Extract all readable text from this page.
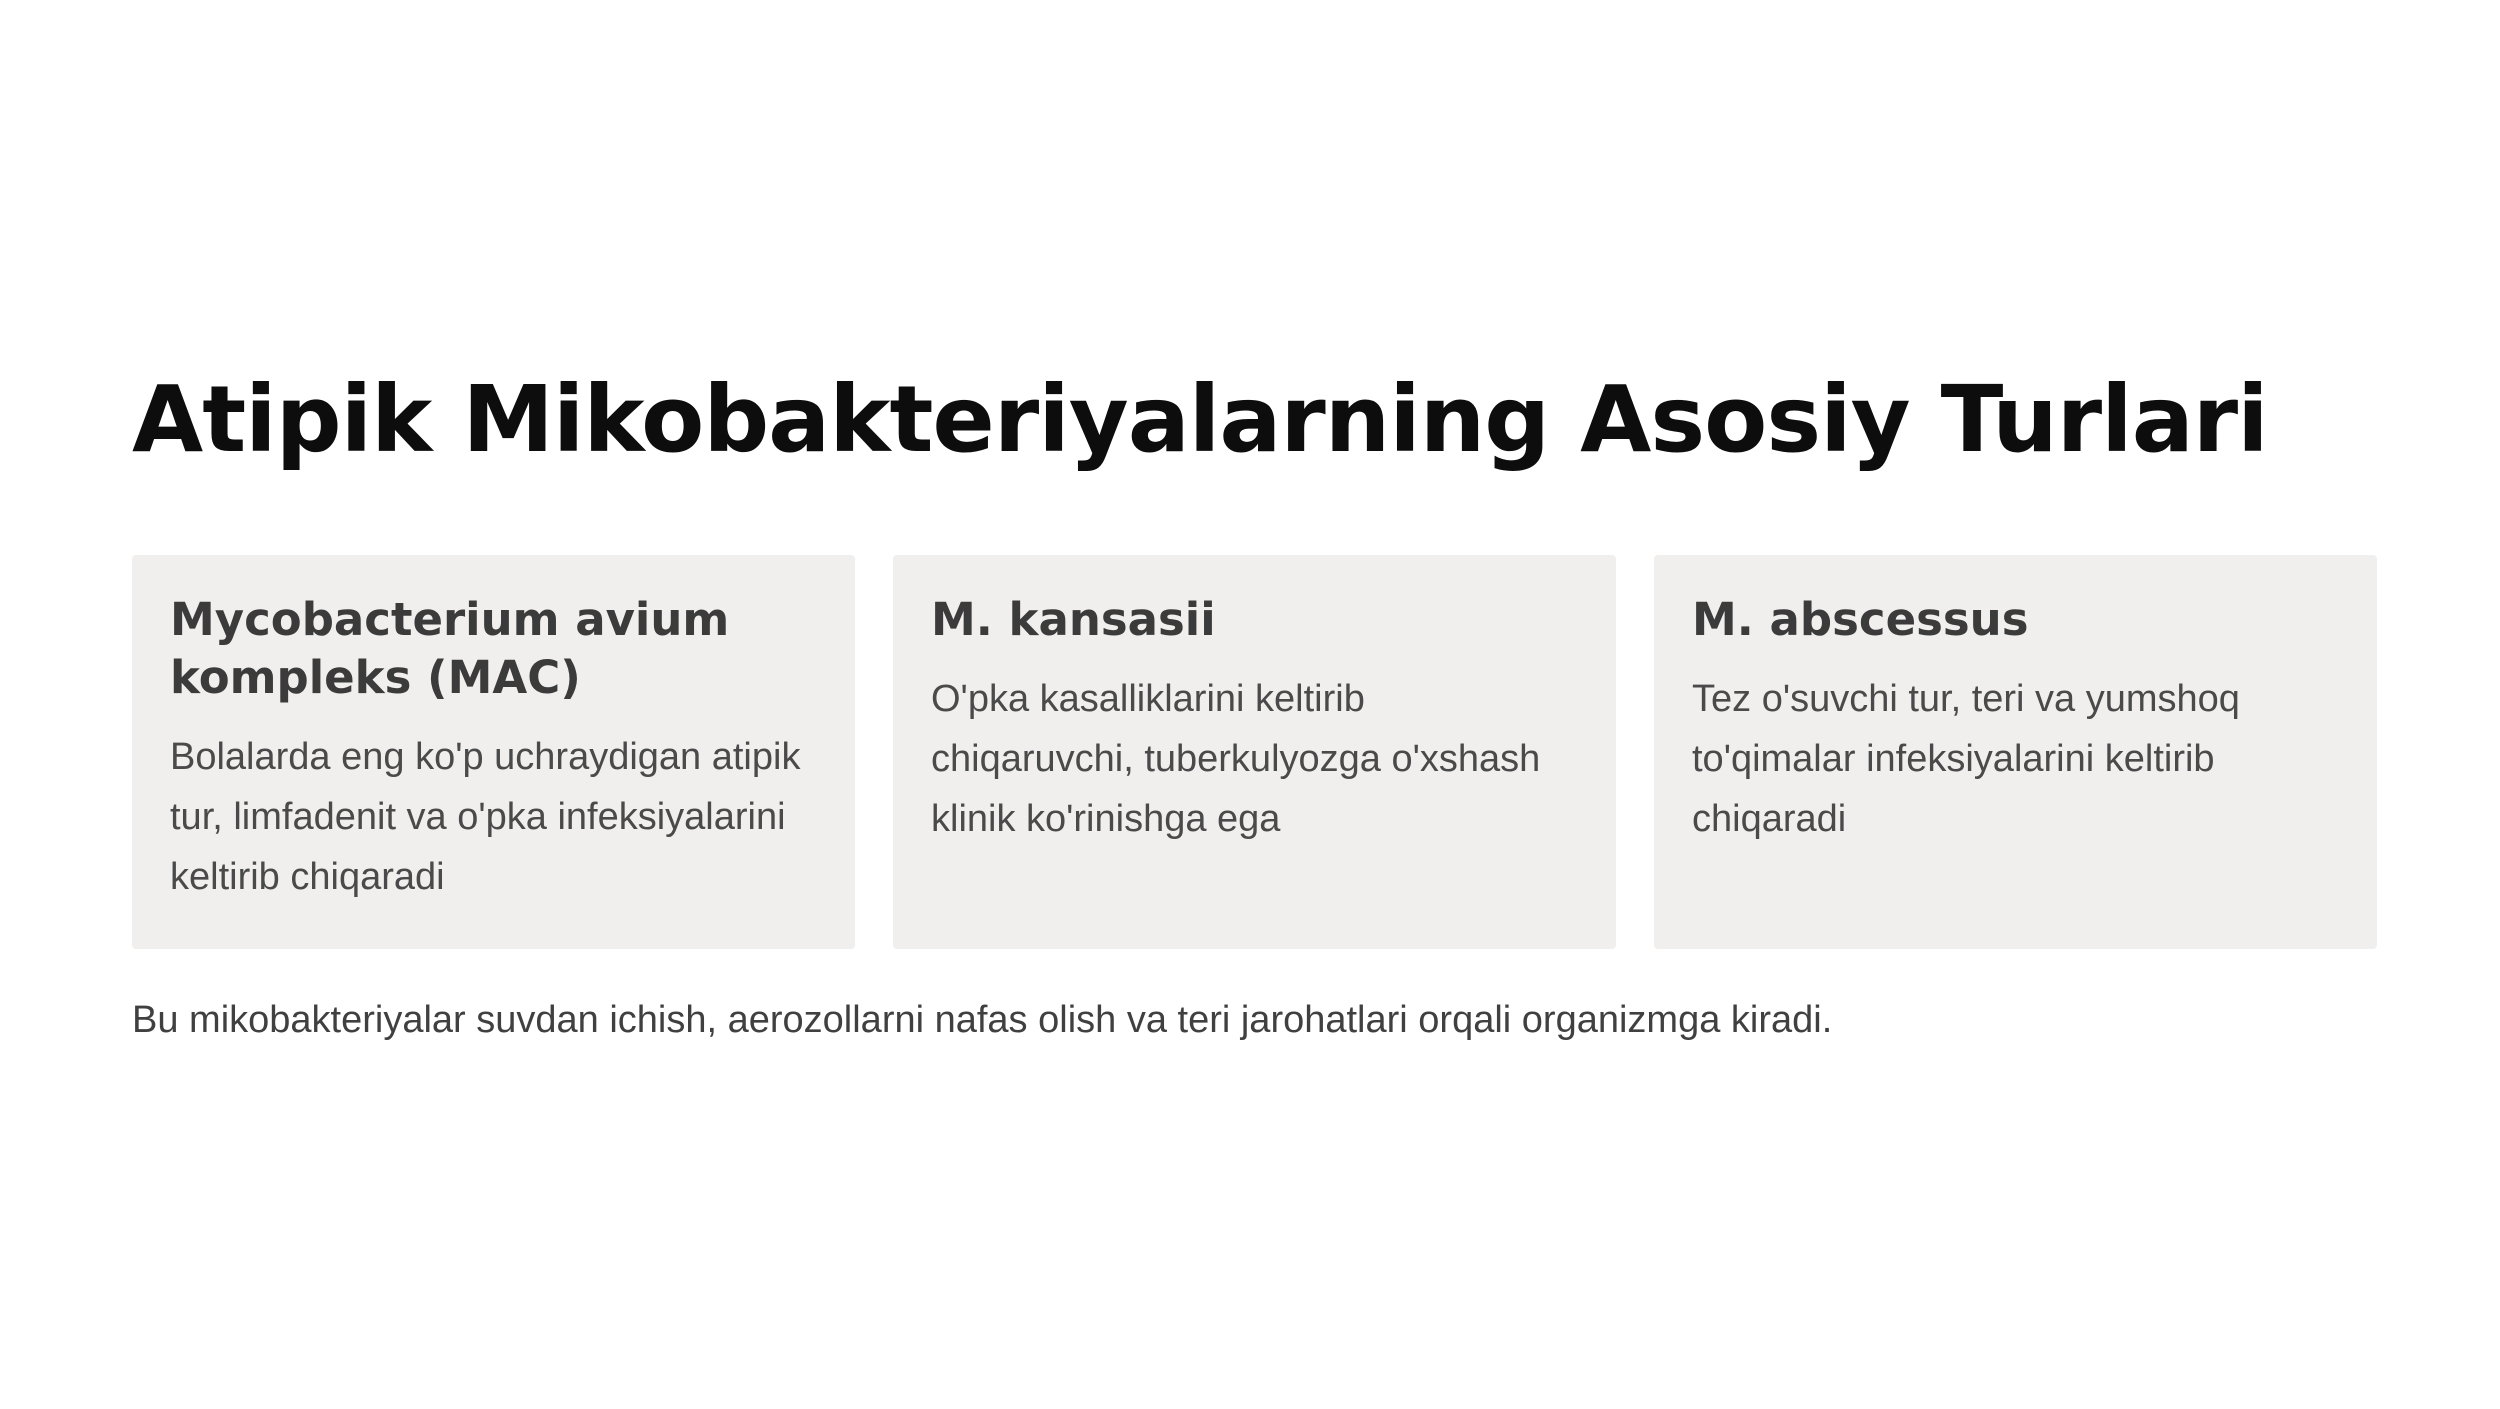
Atipik Mikobakteriyalarning Asosiy Turlari
Mycobacterium avium kompleks (MAC)

Bolalarda eng ko'p uchraydigan atipik tur, limfadenit va o'pka infeksiyalarini keltirib chiqaradi

M. kansasii

O'pka kasalliklarini keltirib chiqaruvchi, tuberkulyozga o'xshash klinik ko'rinishga ega

M. abscessus

Tez o'suvchi tur, teri va yumshoq to'qimalar infeksiyalarini keltirib chiqaradi

Bu mikobakteriyalar suvdan ichish, aerozollarni nafas olish va teri jarohatlari orqali organizmga kiradi.
